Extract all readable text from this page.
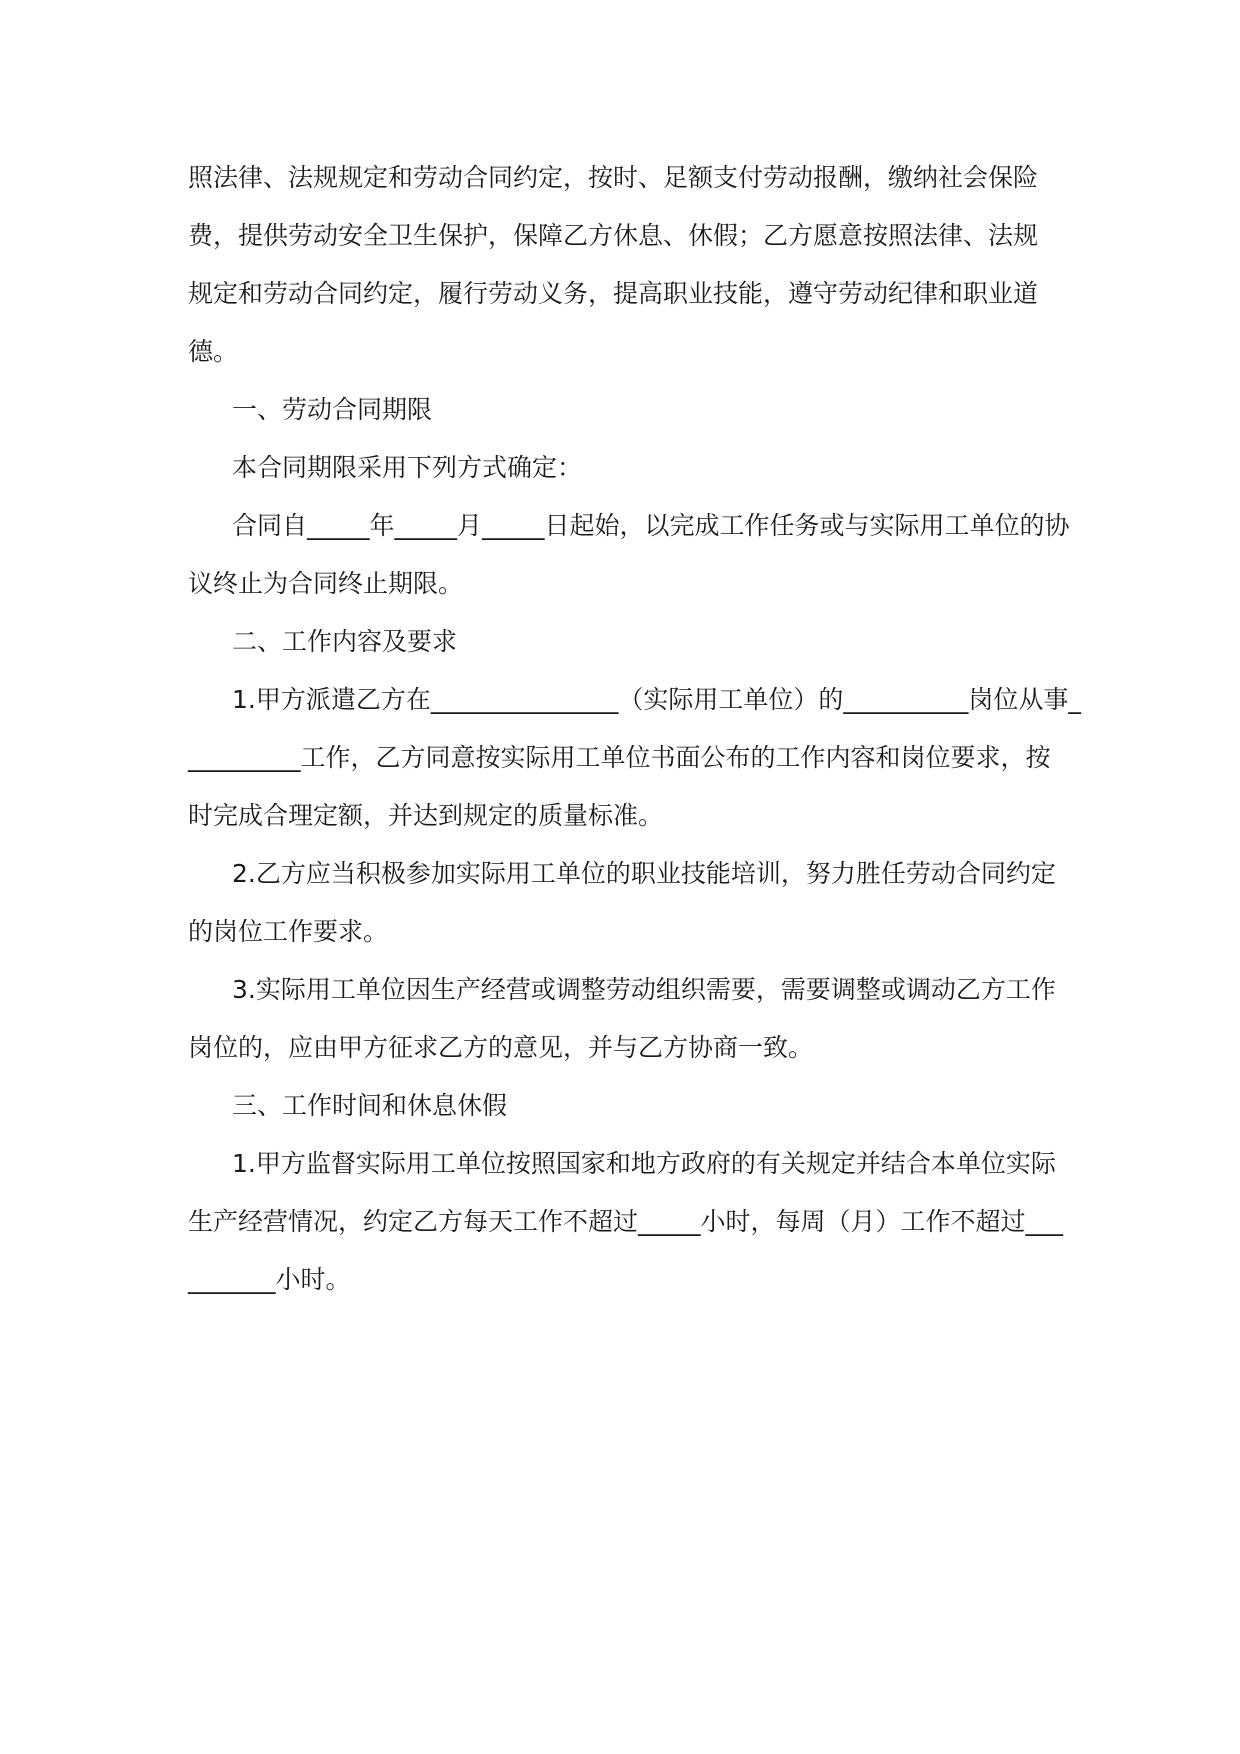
照法律、法规规定和劳动合同约定，按时、足额支付劳动报酬，缴纳社会保险
费，提供劳动安全卫生保护，保障乙方休息、休假；乙方愿意按照法律、法规
规定和劳动合同约定，履行劳动义务，提高职业技能，遵守劳动纪律和职业道
德。
一、劳动合同期限
本合同期限采用下列方式确定：
合同自_____年_____月_____日起始，以完成工作任务或与实际用工单位的协
议终止为合同终止期限。
二、工作内容及要求
1.甲方派遣乙方在_______________（实际用工单位）的__________岗位从事_
_________工作，乙方同意按实际用工单位书面公布的工作内容和岗位要求，按
时完成合理定额，并达到规定的质量标准。
2.乙方应当积极参加实际用工单位的职业技能培训，努力胜任劳动合同约定
的岗位工作要求。
3.实际用工单位因生产经营或调整劳动组织需要，需要调整或调动乙方工作
岗位的，应由甲方征求乙方的意见，并与乙方协商一致。
三、工作时间和休息休假
1.甲方监督实际用工单位按照国家和地方政府的有关规定并结合本单位实际
生产经营情况，约定乙方每天工作不超过_____小时，每周（月）工作不超过___
_______小时。
